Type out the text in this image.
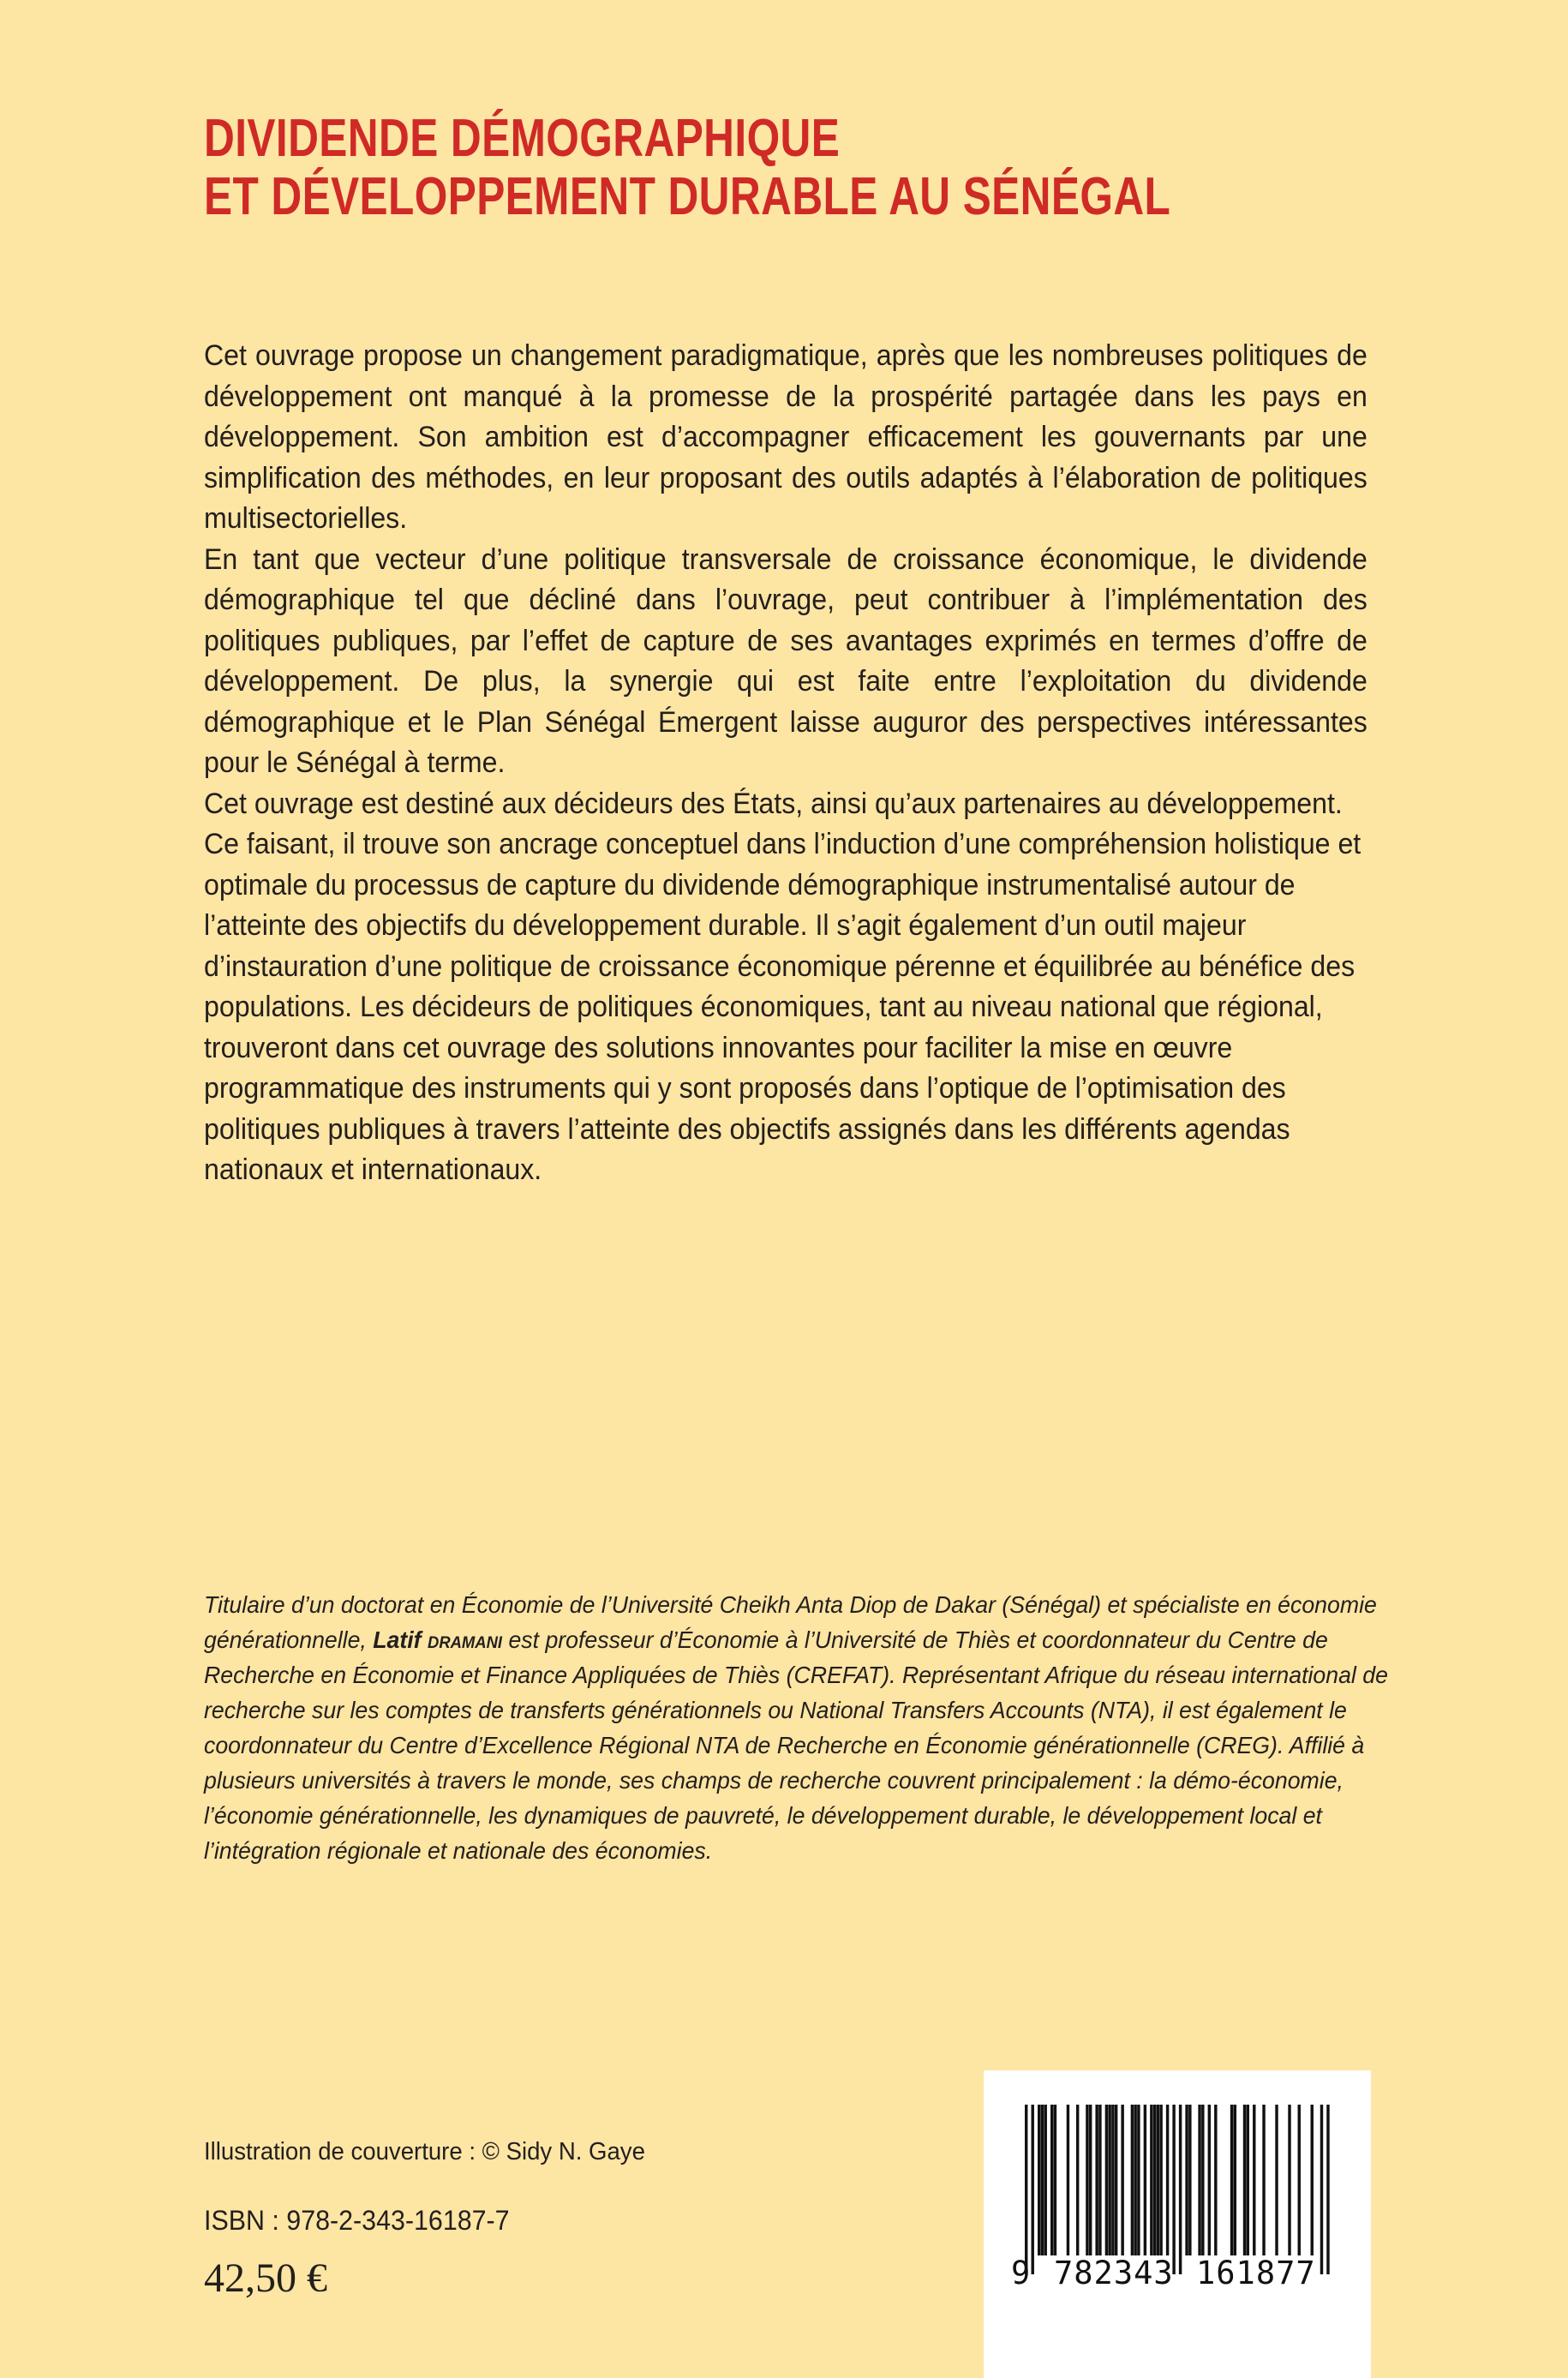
DIVIDENDE DÉMOGRAPHIQUE
ET DÉVELOPPEMENT DURABLE AU SÉNÉGAL

Cet ouvrage propose un changement paradigmatique, après que les nombreuses politiques de développement ont manqué à la promesse de la prospérité partagée dans les pays en développement. Son ambition est d’accompagner efficacement les gouvernants par une simplification des méthodes, en leur proposant des outils adaptés à l’élaboration de politiques multisectorielles.

En tant que vecteur d’une politique transversale de croissance économique, le dividende démographique tel que décliné dans l’ouvrage, peut contribuer à l’implémentation des politiques publiques, par l’effet de capture de ses avantages exprimés en termes d’offre de développement. De plus, la synergie qui est faite entre l’exploitation du dividende démographique et le Plan Sénégal Émergent laisse auguror des perspectives intéressantes pour le Sénégal à terme.

Cet ouvrage est destiné aux décideurs des États, ainsi qu’aux partenaires au développement. Ce faisant, il trouve son ancrage conceptuel dans l’induction d’une compréhension holistique et optimale du processus de capture du dividende démographique instrumentalisé autour de l’atteinte des objectifs du développement durable. Il s’agit également d’un outil majeur d’instauration d’une politique de croissance économique pérenne et équilibrée au bénéfice des populations. Les décideurs de politiques économiques, tant au niveau national que régional, trouveront dans cet ouvrage des solutions innovantes pour faciliter la mise en œuvre programmatique des instruments qui y sont proposés dans l’optique de l’optimisation des politiques publiques à travers l’atteinte des objectifs assignés dans les différents agendas nationaux et internationaux.

Titulaire d’un doctorat en Économie de l’Université Cheikh Anta Diop de Dakar (Sénégal) et spécialiste en économie générationnelle, Latif dramani est professeur d’Économie à l’Université de Thiès et coordonnateur du Centre de Recherche en Économie et Finance Appliquées de Thiès (CREFAT). Représentant Afrique du réseau international de recherche sur les comptes de transferts générationnels ou National Transfers Accounts (NTA), il est également le coordonnateur du Centre d’Excellence Régional NTA de Recherche en Économie générationnelle (CREG). Affilié à plusieurs universités à travers le monde, ses champs de recherche couvrent principalement : la démo-économie, l’économie générationnelle, les dynamiques de pauvreté, le développement durable, le développement local et l’intégration régionale et nationale des économies.

Illustration de couverture : © Sidy N. Gaye
ISBN : 978-2-343-16187-7
42,50 €	9 782343 161877
